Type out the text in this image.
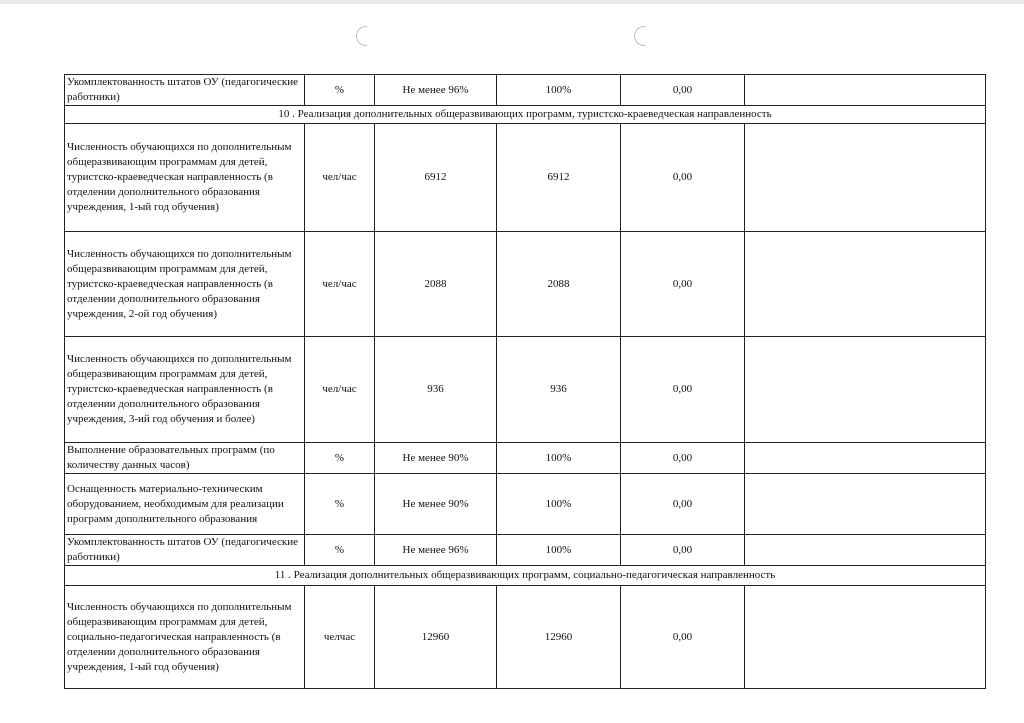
Укомплектованность штатов ОУ (педагогические работники)	%	Не менее 96%	100%	0,00	
10 . Реализация дополнительных общеразвивающих программ, туристско-краеведческая направленность					
Численность обучающихся по дополнительным общеразвивающим программам для детей, туристско-краеведческая направленность (в отделении дополнительного образования учреждения, 1-ый год обучения)	чел/час	6912	6912	0,00	
Численность обучающихся по дополнительным общеразвивающим программам для детей, туристско-краеведческая направленность (в отделении дополнительного образования учреждения, 2-ой год обучения)	чел/час	2088	2088	0,00	
Численность обучающихся по дополнительным общеразвивающим программам для детей, туристско-краеведческая направленность (в отделении дополнительного образования учреждения, 3-ий год обучения и более)	чел/час	936	936	0,00	
Выполнение образовательных программ (по количеству данных часов)	%	Не менее 90%	100%	0,00	
Оснащенность материально-техническим оборудованием, необходимым для реализации программ дополнительного образования	%	Не менее 90%	100%	0,00	
Укомплектованность штатов ОУ (педагогические работники)	%	Не менее 96%	100%	0,00	
11 . Реализация дополнительных общеразвивающих программ, социально-педагогическая направленность					
Численность обучающихся по дополнительным общеразвивающим программам для детей, социально-педагогическая направленность (в отделении дополнительного образования учреждения, 1-ый год обучения)	челчас	12960	12960	0,00	
